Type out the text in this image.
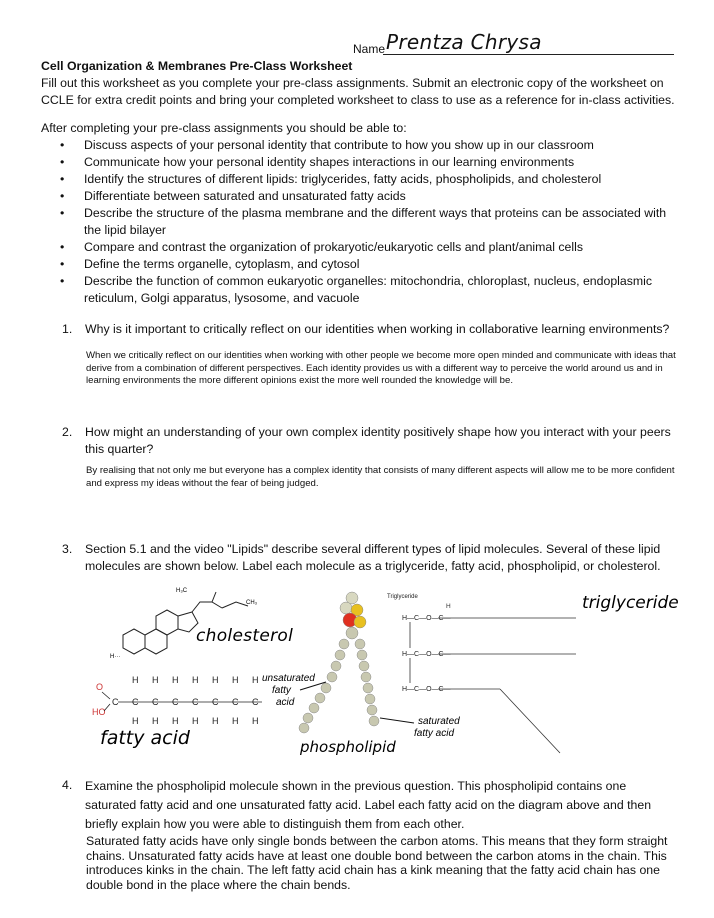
Name Prentza Chrysa
Cell Organization & Membranes Pre-Class Worksheet
Fill out this worksheet as you complete your pre-class assignments. Submit an electronic copy of the worksheet on CCLE for extra credit points and bring your completed worksheet to class to use as a reference for in-class activities.
After completing your pre-class assignments you should be able to:
• Discuss aspects of your personal identity that contribute to how you show up in our classroom
• Communicate how your personal identity shapes interactions in our learning environments
• Identify the structures of different lipids: triglycerides, fatty acids, phospholipids, and cholesterol
• Differentiate between saturated and unsaturated fatty acids
• Describe the structure of the plasma membrane and the different ways that proteins can be associated with the lipid bilayer
• Compare and contrast the organization of prokaryotic/eukaryotic cells and plant/animal cells
• Define the terms organelle, cytoplasm, and cytosol
• Describe the function of common eukaryotic organelles: mitochondria, chloroplast, nucleus, endoplasmic reticulum, Golgi apparatus, lysosome, and vacuole
1. Why is it important to critically reflect on our identities when working in collaborative learning environments?
When we critically reflect on our identities when working with other people we become more open minded and communicate with ideas that derive from a combination of different perspectives. Each identity provides us with a different way to perceive the world around us and in learning environments the more different opinions exist the more well rounded the knowledge will be.
2. How might an understanding of your own complex identity positively shape how you interact with your peers this quarter?
By realising that not only me but everyone has a complex identity that consists of many different aspects will allow me to be more confident and express my ideas without the fear of being judged.
3. Section 5.1 and the video "Lipids" describe several different types of lipid molecules. Several of these lipid molecules are shown below. Label each molecule as a triglyceride, fatty acid, phospholipid, or cholesterol.
H₃C
CH₃
H···
cholesterol
O
HO
C C C C C C C C
H H H H H H H
H H H H H H H
fatty acid
unsaturated
fatty
acid
phospholipid
saturated
fatty acid
Triglyceride
H—C—O—C—
H—C—O—C—
H—C—O—C—
H	triglyceride
4. Examine the phospholipid molecule shown in the previous question. This phospholipid contains one saturated fatty acid and one unsaturated fatty acid. Label each fatty acid on the diagram above and then briefly explain how you were able to distinguish them from each other.
Saturated fatty acids have only single bonds between the carbon atoms. This means that they form straight chains. Unsaturated fatty acids have at least one double bond between the carbon atoms in the chain. This introduces kinks in the chain. The left fatty acid chain has a kink meaning that the fatty acid chain has one double bond in the place where the chain bends.
